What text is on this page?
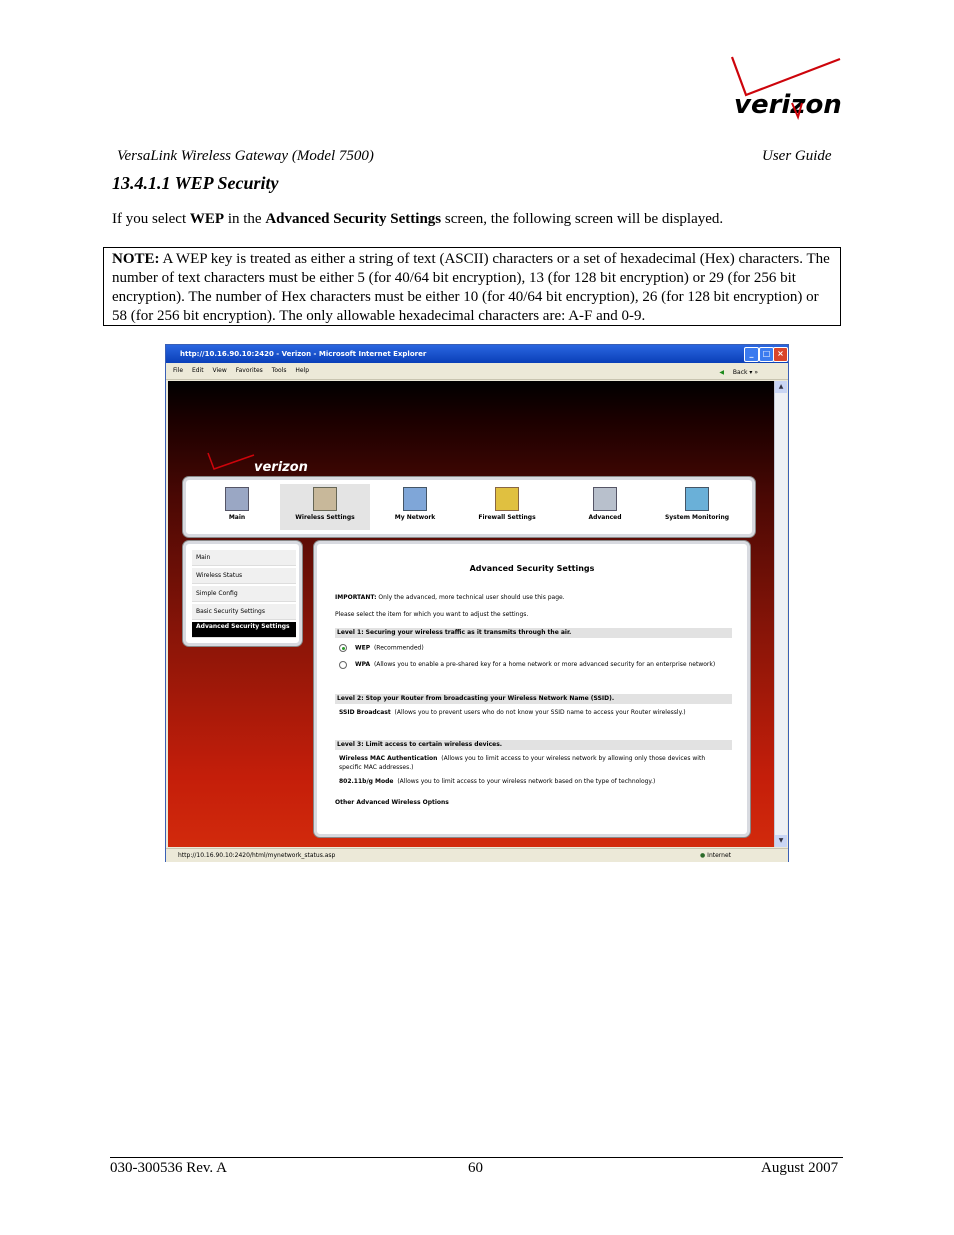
verizon
VersaLink Wireless Gateway (Model 7500)	User Guide
13.4.1.1 WEP Security
If you select WEP in the Advanced Security Settings screen, the following screen will be displayed.
NOTE: A WEP key is treated as either a string of text (ASCII) characters or a set of hexadecimal (Hex) characters. The number of text characters must be either 5 (for 40/64 bit encryption), 13 (for 128 bit encryption) or 29 (for 256 bit encryption). The number of Hex characters must be either 10 (for 40/64 bit encryption), 26 (for 128 bit encryption) or 58 (for 256 bit encryption). The only allowable hexadecimal characters are: A-F and 0-9.
http://10.16.90.10:2420 - Verizon - Microsoft Internet Explorer	_	□ ×
File Edit View Favorites Tools Help	◀ Back ▾ »
verizon
Main	Wireless Settings	My Network	Firewall Settings	Advanced	System Monitoring
Main
Wireless Status
Simple Config
Basic Security Settings
Advanced Security Settings
Advanced Security Settings
IMPORTANT: Only the advanced, more technical user should use this page.
Please select the item for which you want to adjust the settings.
Level 1: Securing your wireless traffic as it transmits through the air.
WEP (Recommended)
WPA (Allows you to enable a pre-shared key for a home network or more advanced security for an enterprise network)
Level 2: Stop your Router from broadcasting your Wireless Network Name (SSID).
SSID Broadcast (Allows you to prevent users who do not know your SSID name to access your Router wirelessly.)
Level 3: Limit access to certain wireless devices.
Wireless MAC Authentication (Allows you to limit access to your wireless network by allowing only those devices with specific MAC addresses.)
802.11b/g Mode (Allows you to limit access to your wireless network based on the type of technology.)
Other Advanced Wireless Options
▲
▼
http://10.16.90.10:2420/html/mynetwork_status.asp	● Internet
030-300536 Rev. A	60	August 2007
